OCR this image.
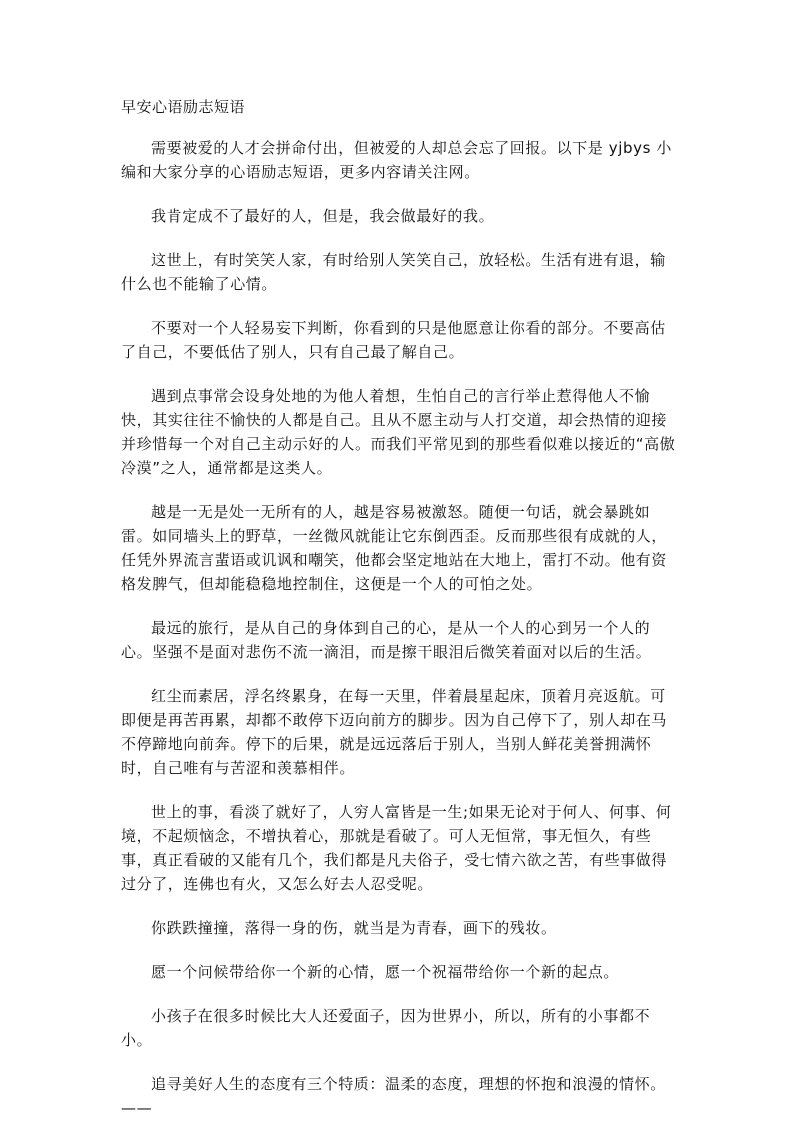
早安心语励志短语

需要被爱的人才会拼命付出，但被爱的人却总会忘了回报。以下是 yjbys 小编和大家分享的心语励志短语，更多内容请关注网。

我肯定成不了最好的人，但是，我会做最好的我。

这世上，有时笑笑人家，有时给别人笑笑自己，放轻松。生活有进有退，输什么也不能输了心情。

不要对一个人轻易妄下判断，你看到的只是他愿意让你看的部分。不要高估了自己，不要低估了别人，只有自己最了解自己。

遇到点事常会设身处地的为他人着想，生怕自己的言行举止惹得他人不愉快，其实往往不愉快的人都是自己。且从不愿主动与人打交道，却会热情的迎接并珍惜每一个对自己主动示好的人。而我们平常见到的那些看似难以接近的“高傲冷漠”之人，通常都是这类人。

越是一无是处一无所有的人，越是容易被激怒。随便一句话，就会暴跳如雷。如同墙头上的野草，一丝微风就能让它东倒西歪。反而那些很有成就的人，任凭外界流言蜚语或讥讽和嘲笑，他都会坚定地站在大地上，雷打不动。他有资格发脾气，但却能稳稳地控制住，这便是一个人的可怕之处。

最远的旅行，是从自己的身体到自己的心，是从一个人的心到另一个人的心。坚强不是面对悲伤不流一滴泪，而是擦干眼泪后微笑着面对以后的生活。

红尘而素居，浮名终累身，在每一天里，伴着晨星起床，顶着月亮返航。可即便是再苦再累，却都不敢停下迈向前方的脚步。因为自己停下了，别人却在马不停蹄地向前奔。停下的后果，就是远远落后于别人，当别人鲜花美誉拥满怀时，自己唯有与苦涩和羡慕相伴。

世上的事，看淡了就好了，人穷人富皆是一生;如果无论对于何人、何事、何境，不起烦恼念，不增执着心，那就是看破了。可人无恒常，事无恒久，有些事，真正看破的又能有几个，我们都是凡夫俗子，受七情六欲之苦，有些事做得过分了，连佛也有火，又怎么好去人忍受呢。

你跌跌撞撞，落得一身的伤，就当是为青春，画下的残妆。

愿一个问候带给你一个新的心情，愿一个祝福带给你一个新的起点。

小孩子在很多时候比大人还爱面子，因为世界小，所以，所有的小事都不小。

追寻美好人生的态度有三个特质：温柔的态度，理想的怀抱和浪漫的情怀。——
